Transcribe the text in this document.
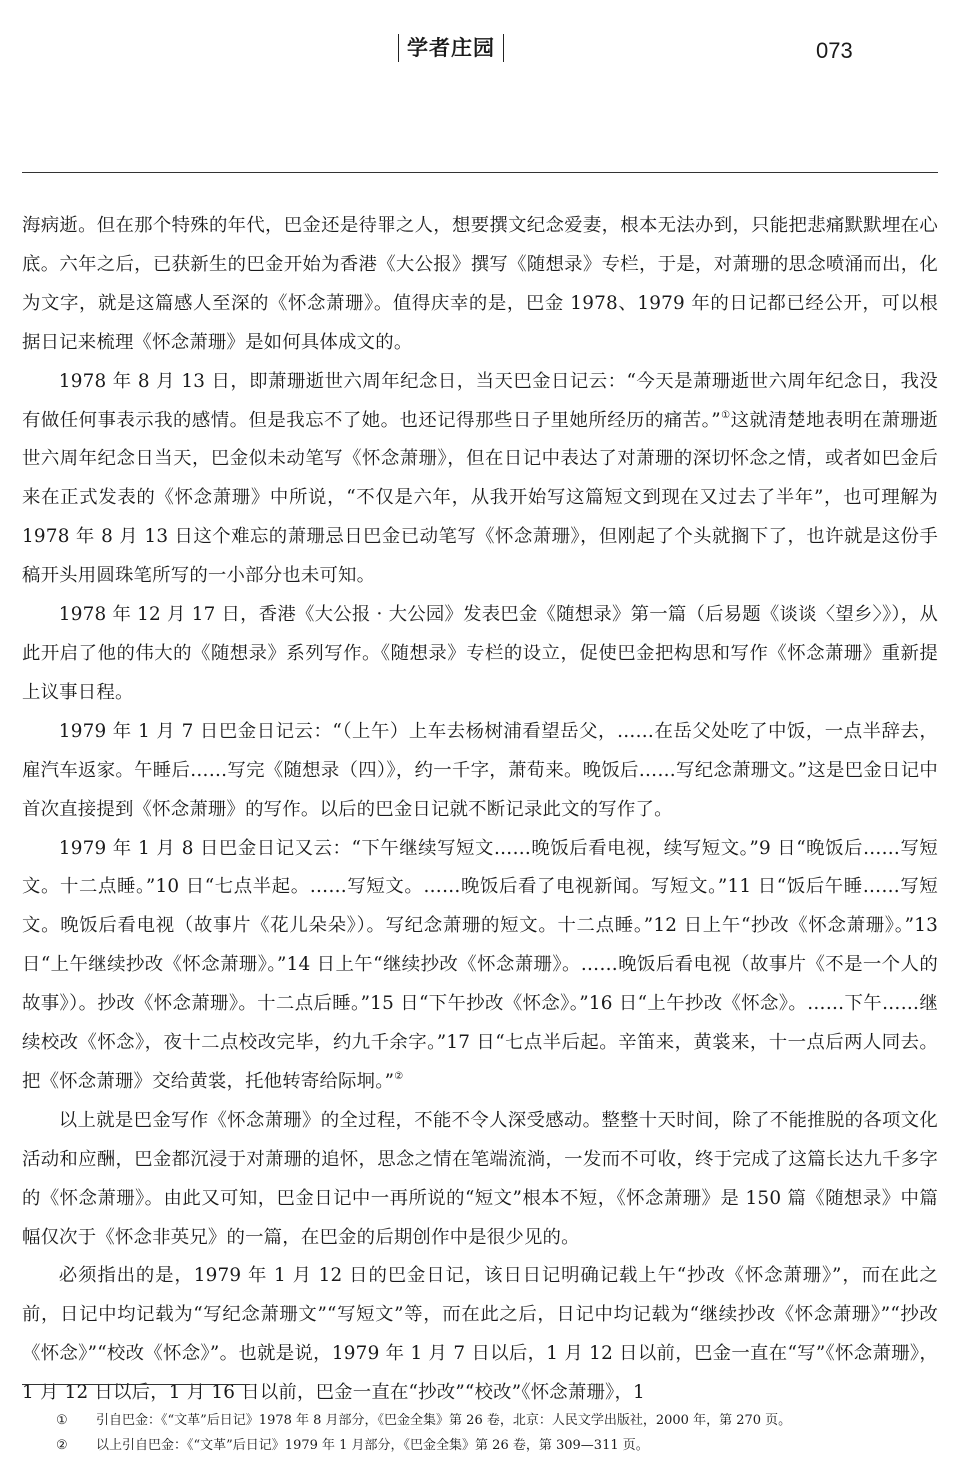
学者庄园	073

海病逝。但在那个特殊的年代，巴金还是待罪之人，想要撰文纪念爱妻，根本无法办到，只能把悲痛默默埋在心底。六年之后，已获新生的巴金开始为香港《大公报》撰写《随想录》专栏，于是，对萧珊的思念喷涌而出，化为文字，就是这篇感人至深的《怀念萧珊》。值得庆幸的是，巴金 1978、1979 年的日记都已经公开，可以根据日记来梳理《怀念萧珊》是如何具体成文的。

1978 年 8 月 13 日，即萧珊逝世六周年纪念日，当天巴金日记云：“今天是萧珊逝世六周年纪念日，我没有做任何事表示我的感情。但是我忘不了她。也还记得那些日子里她所经历的痛苦。”①这就清楚地表明在萧珊逝世六周年纪念日当天，巴金似未动笔写《怀念萧珊》，但在日记中表达了对萧珊的深切怀念之情，或者如巴金后来在正式发表的《怀念萧珊》中所说，“不仅是六年，从我开始写这篇短文到现在又过去了半年”，也可理解为 1978 年 8 月 13 日这个难忘的萧珊忌日巴金已动笔写《怀念萧珊》，但刚起了个头就搁下了，也许就是这份手稿开头用圆珠笔所写的一小部分也未可知。

1978 年 12 月 17 日，香港《大公报 · 大公园》发表巴金《随想录》第一篇（后易题《谈谈〈望乡〉》），从此开启了他的伟大的《随想录》系列写作。《随想录》专栏的设立，促使巴金把构思和写作《怀念萧珊》重新提上议事日程。

1979 年 1 月 7 日巴金日记云：“（上午）上车去杨树浦看望岳父，……在岳父处吃了中饭，一点半辞去，雇汽车返家。午睡后……写完《随想录（四）》，约一千字，萧荀来。晚饭后……写纪念萧珊文。”这是巴金日记中首次直接提到《怀念萧珊》的写作。以后的巴金日记就不断记录此文的写作了。

1979 年 1 月 8 日巴金日记又云：“下午继续写短文……晚饭后看电视，续写短文。”9 日“晚饭后……写短文。十二点睡。”10 日“七点半起。……写短文。……晚饭后看了电视新闻。写短文。”11 日“饭后午睡……写短文。晚饭后看电视（故事片《花儿朵朵》）。写纪念萧珊的短文。十二点睡。”12 日上午“抄改《怀念萧珊》。”13 日“上午继续抄改《怀念萧珊》。”14 日上午“继续抄改《怀念萧珊》。……晚饭后看电视（故事片《不是一个人的故事》）。抄改《怀念萧珊》。十二点后睡。”15 日“下午抄改《怀念》。”16 日“上午抄改《怀念》。……下午……继续校改《怀念》，夜十二点校改完毕，约九千余字。”17 日“七点半后起。辛笛来，黄裳来，十一点后两人同去。把《怀念萧珊》交给黄裳，托他转寄给际坰。”②

以上就是巴金写作《怀念萧珊》的全过程，不能不令人深受感动。整整十天时间，除了不能推脱的各项文化活动和应酬，巴金都沉浸于对萧珊的追怀，思念之情在笔端流淌，一发而不可收，终于完成了这篇长达九千多字的《怀念萧珊》。由此又可知，巴金日记中一再所说的“短文”根本不短，《怀念萧珊》是 150 篇《随想录》中篇幅仅次于《怀念非英兄》的一篇，在巴金的后期创作中是很少见的。

必须指出的是，1979 年 1 月 12 日的巴金日记，该日日记明确记载上午“抄改《怀念萧珊》”，而在此之前，日记中均记载为“写纪念萧珊文”“写短文”等，而在此之后，日记中均记载为“继续抄改《怀念萧珊》”“抄改《怀念》”“校改《怀念》”。也就是说，1979 年 1 月 7 日以后，1 月 12 日以前，巴金一直在“写”《怀念萧珊》，1 月 12 日以后，1 月 16 日以前，巴金一直在“抄改”“校改”《怀念萧珊》，1

① 引自巴金：《“文革”后日记》1978 年 8 月部分，《巴金全集》第 26 卷，北京：人民文学出版社，2000 年，第 270 页。
② 以上引自巴金：《“文革”后日记》1979 年 1 月部分，《巴金全集》第 26 卷，第 309—311 页。
